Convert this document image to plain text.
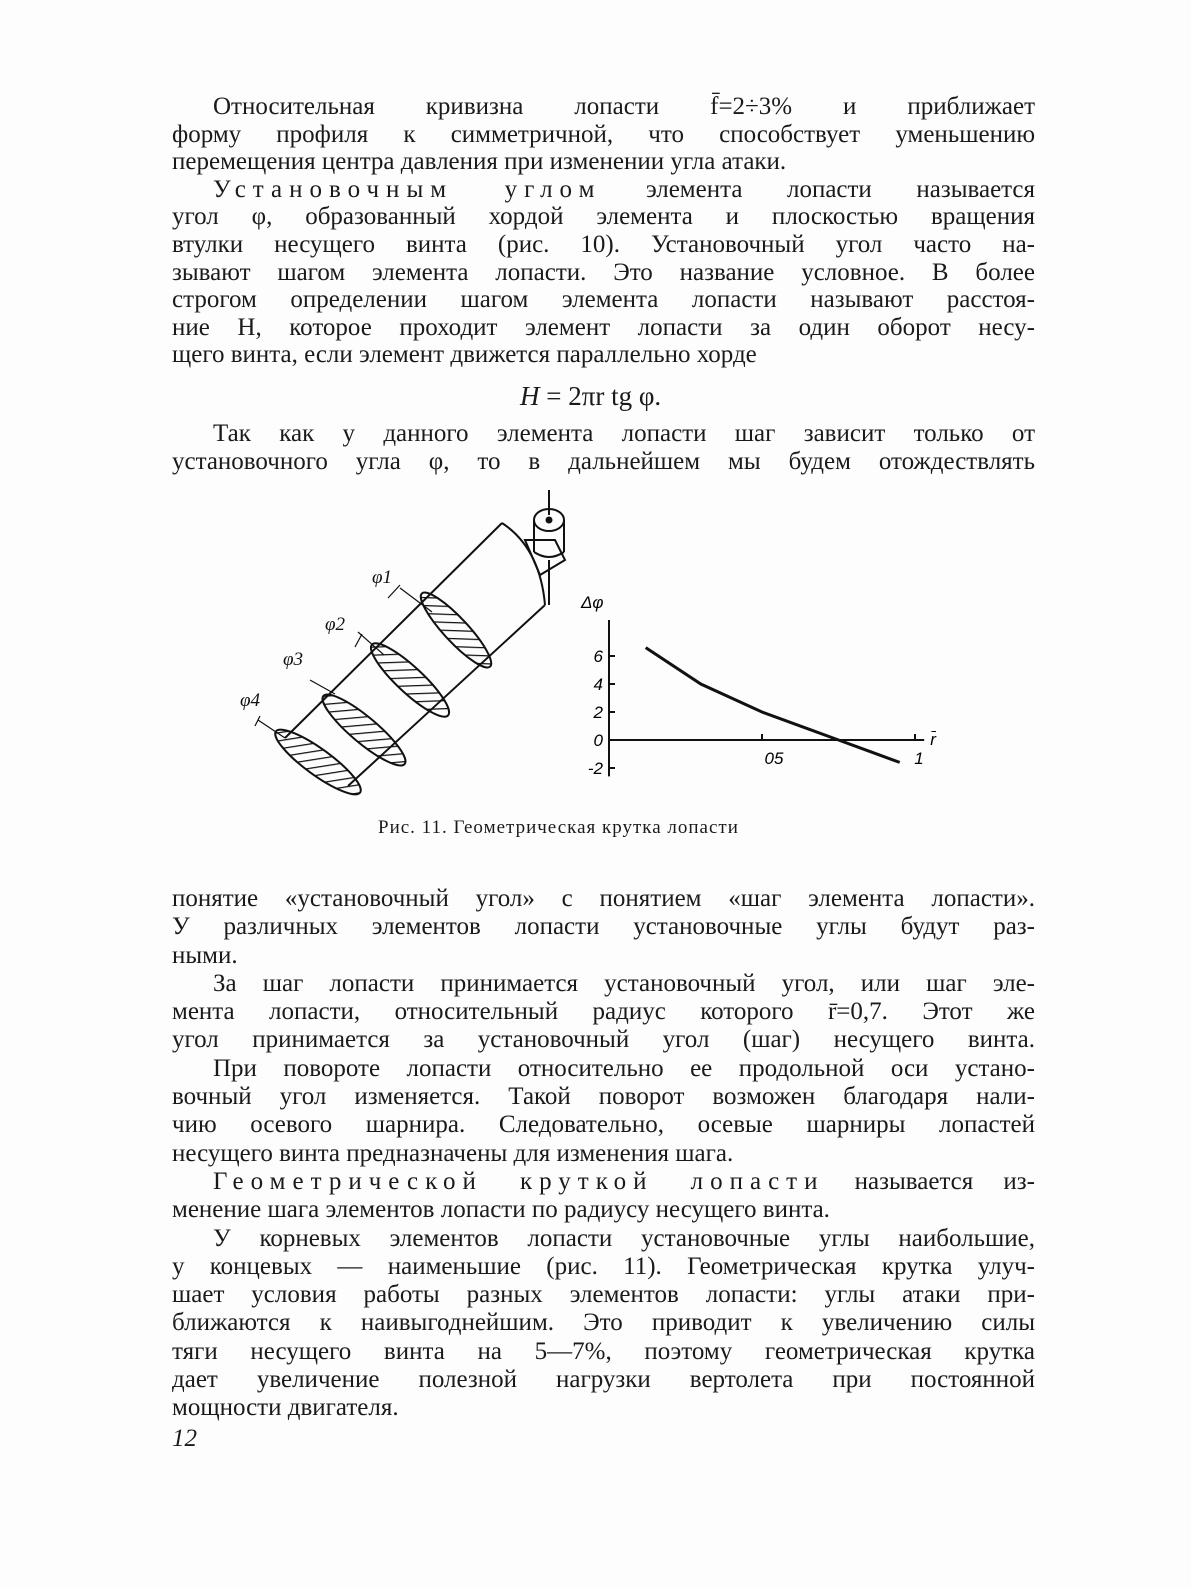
Относительная кривизна лопасти f̄=2÷3% и приближает
форму профиля к симметричной, что способствует уменьшению
перемещения центра давления при изменении угла атаки.
Установочным углом элемента лопасти называется
угол φ, образованный хордой элемента и плоскостью вращения
втулки несущего винта (рис. 10). Установочный угол часто на-
зывают шагом элемента лопасти. Это название условное. В более
строгом определении шагом элемента лопасти называют расстоя-
ние H, которое проходит элемент лопасти за один оборот несу-
щего винта, если элемент движется параллельно хорде
H = 2πr tg φ.
Так как у данного элемента лопасти шаг зависит только от
установочного угла φ, то в дальнейшем мы будем отождествлять
φ1
φ2
φ3
φ4
6
4
2
0
-2
05	1
Δφ
r̄
Рис. 11. Геометрическая крутка лопасти
понятие «установочный угол» с понятием «шаг элемента лопасти».
У различных элементов лопасти установочные углы будут раз-
ными.
За шаг лопасти принимается установочный угол, или шаг эле-
мента лопасти, относительный радиус которого r̄=0,7. Этот же
угол принимается за установочный угол (шаг) несущего винта.
При повороте лопасти относительно ее продольной оси устано-
вочный угол изменяется. Такой поворот возможен благодаря нали-
чию осевого шарнира. Следовательно, осевые шарниры лопастей
несущего винта предназначены для изменения шага.
Геометрической круткой лопасти называется из-
менение шага элементов лопасти по радиусу несущего винта.
У корневых элементов лопасти установочные углы наибольшие,
у концевых — наименьшие (рис. 11). Геометрическая крутка улуч-
шает условия работы разных элементов лопасти: углы атаки при-
ближаются к наивыгоднейшим. Это приводит к увеличению силы
тяги несущего винта на 5—7%, поэтому геометрическая крутка
дает увеличение полезной нагрузки вертолета при постоянной
мощности двигателя.
12
